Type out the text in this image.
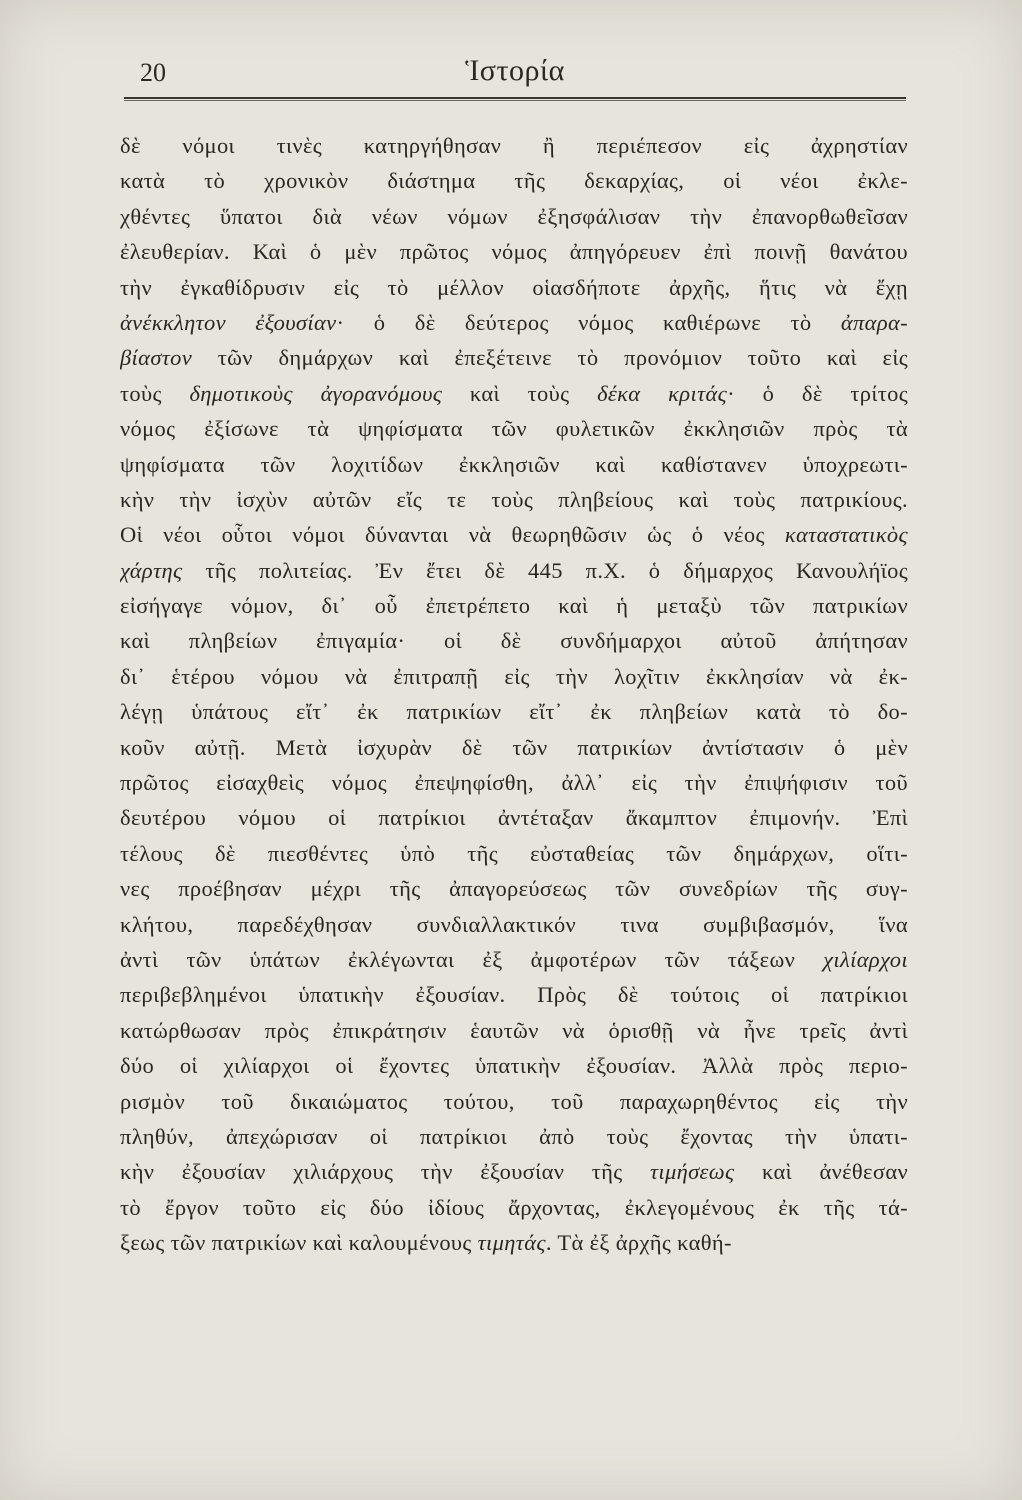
20	Ἱστορία
δὲ νόμοι τινὲς κατηργήθησαν ἢ περιέπεσον εἰς ἀχρηστίαν
κατὰ τὸ χρονικὸν διάστημα τῆς δεκαρχίας, οἱ νέοι ἐκλε-
χθέντες ὕπατοι διὰ νέων νόμων ἐξησφάλισαν τὴν ἐπανορθωθεῖσαν
ἐλευθερίαν. Καὶ ὁ μὲν πρῶτος νόμος ἀπηγόρευεν ἐπὶ ποινῇ θανάτου
τὴν ἐγκαθίδρυσιν εἰς τὸ μέλλον οἱασδήποτε ἀρχῆς, ἥτις νὰ ἔχῃ
ἀνέκκλητον ἐξουσίαν· ὁ δὲ δεύτερος νόμος καθιέρωνε τὸ ἀπαρα-
βίαστον τῶν δημάρχων καὶ ἐπεξέτεινε τὸ προνόμιον τοῦτο καὶ εἰς
τοὺς δημοτικοὺς ἀγορανόμους καὶ τοὺς δέκα κριτάς· ὁ δὲ τρίτος
νόμος ἐξίσωνε τὰ ψηφίσματα τῶν φυλετικῶν ἐκκλησιῶν πρὸς τὰ
ψηφίσματα τῶν λοχιτίδων ἐκκλησιῶν καὶ καθίστανεν ὑποχρεωτι-
κὴν τὴν ἰσχὺν αὐτῶν εἴς τε τοὺς πληβείους καὶ τοὺς πατρικίους.
Οἱ νέοι οὗτοι νόμοι δύνανται νὰ θεωρηθῶσιν ὡς ὁ νέος καταστατικὸς
χάρτης τῆς πολιτείας. Ἐν ἔτει δὲ 445 π.Χ. ὁ δήμαρχος Κανουλήϊος
εἰσήγαγε νόμον, δι᾿ οὗ ἐπετρέπετο καὶ ἡ μεταξὺ τῶν πατρικίων
καὶ πληβείων ἐπιγαμία· οἱ δὲ συνδήμαρχοι αὐτοῦ ἀπήτησαν
δι᾿ ἑτέρου νόμου νὰ ἐπιτραπῇ εἰς τὴν λοχῖτιν ἐκκλησίαν νὰ ἐκ-
λέγῃ ὑπάτους εἴτ᾿ ἐκ πατρικίων εἴτ᾿ ἐκ πληβείων κατὰ τὸ δο-
κοῦν αὐτῇ. Μετὰ ἰσχυρὰν δὲ τῶν πατρικίων ἀντίστασιν ὁ μὲν
πρῶτος εἰσαχθεὶς νόμος ἐπεψηφίσθη, ἀλλ᾿ εἰς τὴν ἐπιψήφισιν τοῦ
δευτέρου νόμου οἱ πατρίκιοι ἀντέταξαν ἄκαμπτον ἐπιμονήν. Ἐπὶ
τέλους δὲ πιεσθέντες ὑπὸ τῆς εὐσταθείας τῶν δημάρχων, οἵτι-
νες προέβησαν μέχρι τῆς ἀπαγορεύσεως τῶν συνεδρίων τῆς συγ-
κλήτου, παρεδέχθησαν συνδιαλλακτικόν τινα συμβιβασμόν, ἵνα
ἀντὶ τῶν ὑπάτων ἐκλέγωνται ἐξ ἀμφοτέρων τῶν τάξεων χιλίαρχοι
περιβεβλημένοι ὑπατικὴν ἐξουσίαν. Πρὸς δὲ τούτοις οἱ πατρίκιοι
κατώρθωσαν πρὸς ἐπικράτησιν ἑαυτῶν νὰ ὁρισθῇ νὰ ἦνε τρεῖς ἀντὶ
δύο οἱ χιλίαρχοι οἱ ἔχοντες ὑπατικὴν ἐξουσίαν. Ἀλλὰ πρὸς περιο-
ρισμὸν τοῦ δικαιώματος τούτου, τοῦ παραχωρηθέντος εἰς τὴν
πληθύν, ἀπεχώρισαν οἱ πατρίκιοι ἀπὸ τοὺς ἔχοντας τὴν ὑπατι-
κὴν ἐξουσίαν χιλιάρχους τὴν ἐξουσίαν τῆς τιμήσεως καὶ ἀνέθεσαν
τὸ ἔργον τοῦτο εἰς δύο ἰδίους ἄρχοντας, ἐκλεγομένους ἐκ τῆς τά-
ξεως τῶν πατρικίων καὶ καλουμένους τιμητάς. Τὰ ἐξ ἀρχῆς καθή-
